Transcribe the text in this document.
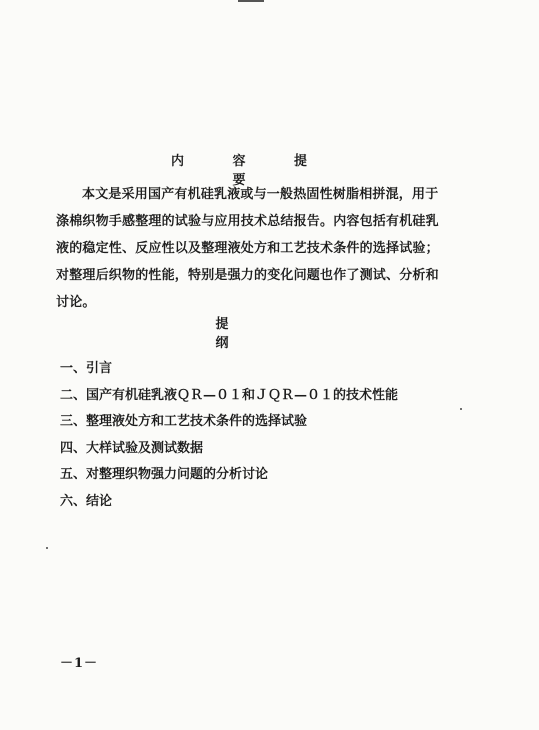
内 容 提 要

本文是采用国产有机硅乳液或与一般热固性树脂相拼混，用于涤棉织物手感整理的试验与应用技术总结报告。内容包括有机硅乳液的稳定性、反应性以及整理液处方和工艺技术条件的选择试验；对整理后织物的性能，特别是强力的变化问题也作了测试、分析和讨论。

提 纲
一、引言
二、国产有机硅乳液ＱＲ—０１和ＪＱＲ—０１的技术性能
三、整理液处方和工艺技术条件的选择试验
四、大样试验及测试数据
五、对整理织物强力问题的分析讨论
六、结论
－1－
